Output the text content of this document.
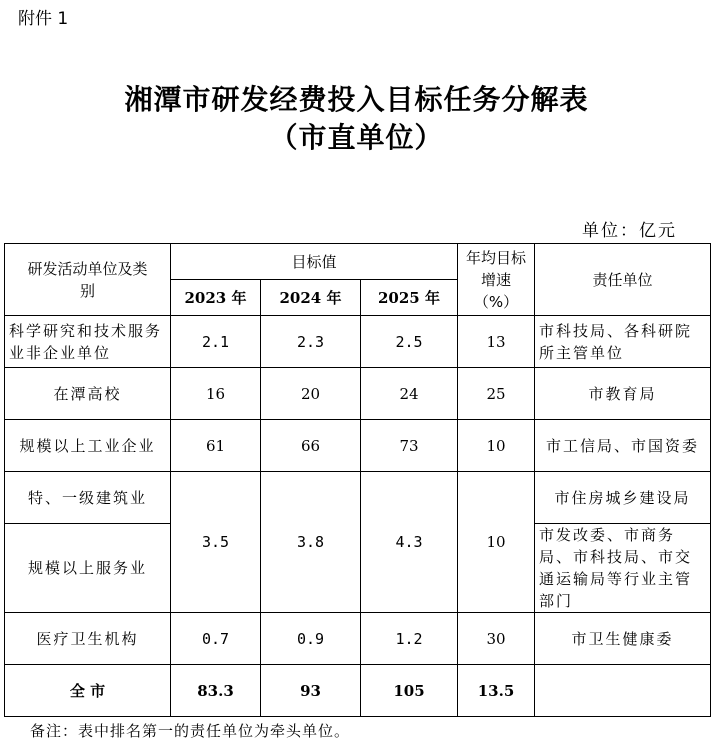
附件 1
湘潭市研发经费投入目标任务分解表
（市直单位）
单位：亿元
研发活动单位及类别	目标值			年均目标增速（%）	责任单位
	2023 年	2024 年	2025 年		
科学研究和技术服务业非企业单位	2.1	2.3	2.5	13	市科技局、各科研院所主管单位
在潭高校	16	20	24	25	市教育局
规模以上工业企业	61	66	73	10	市工信局、市国资委
特、一级建筑业	3.5	3.8	4.3	10	市住房城乡建设局
规模以上服务业					市发改委、市商务局、市科技局、市交通运输局等行业主管部门
医疗卫生机构	0.7	0.9	1.2	30	市卫生健康委
全 市	83.3	93	105	13.5	
备注：表中排名第一的责任单位为牵头单位。
